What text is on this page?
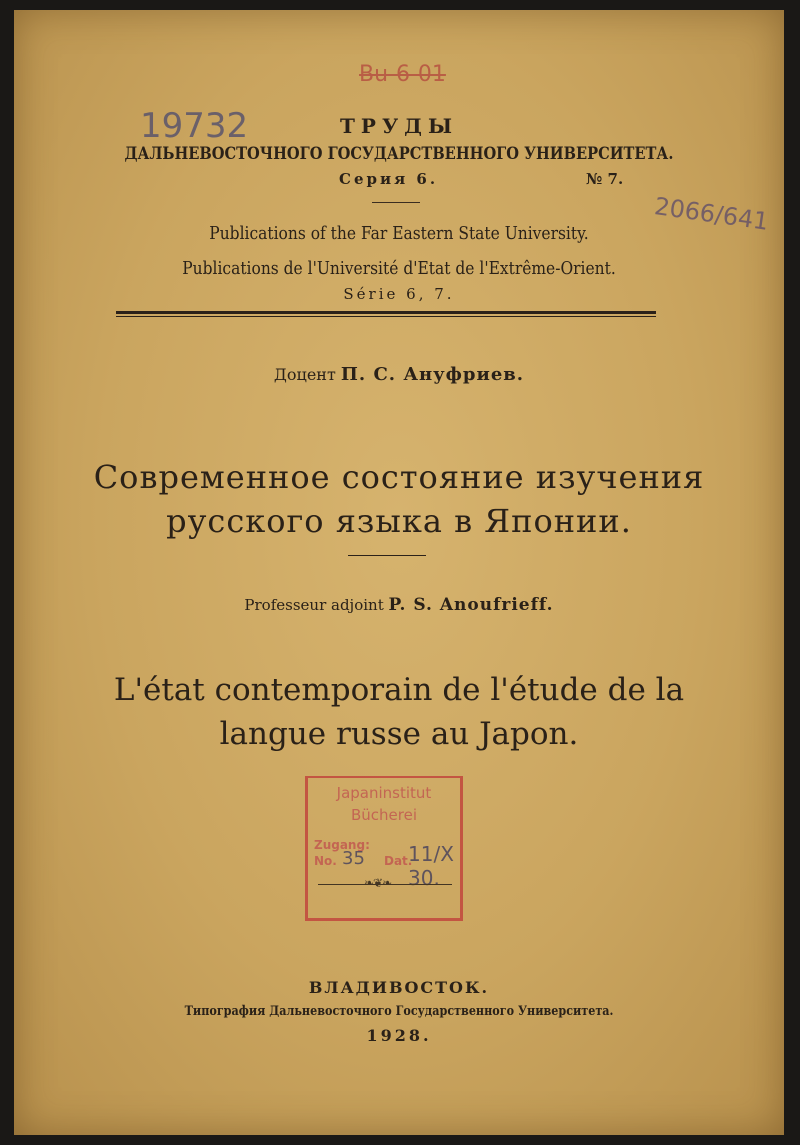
19732
Bu-6-01
2066/641
ТРУДЫ
ДАЛЬНЕВОСТОЧНОГО ГОСУДАРСТВЕННОГО УНИВЕРСИТЕТА.
Серия 6.	№ 7.
Publications of the Far Eastern State University.
Publications de l'Université d'Etat de l'Extrême-Orient.
Série 6, 7.
Доцент П. С. Ануфриев.
Современное состояние изучения
русского языка в Японии.
Professeur adjoint P. S. Anoufrieff.
L'état contemporain de l'étude de la
langue russe au Japon.
Japaninstitut
Bücherei
Zugang:
No. 35 Dat.
11/X 30.
❧❦❧
ВЛАДИВОСТОК.
Типография Дальневосточного Государственного Университета.
1928.
